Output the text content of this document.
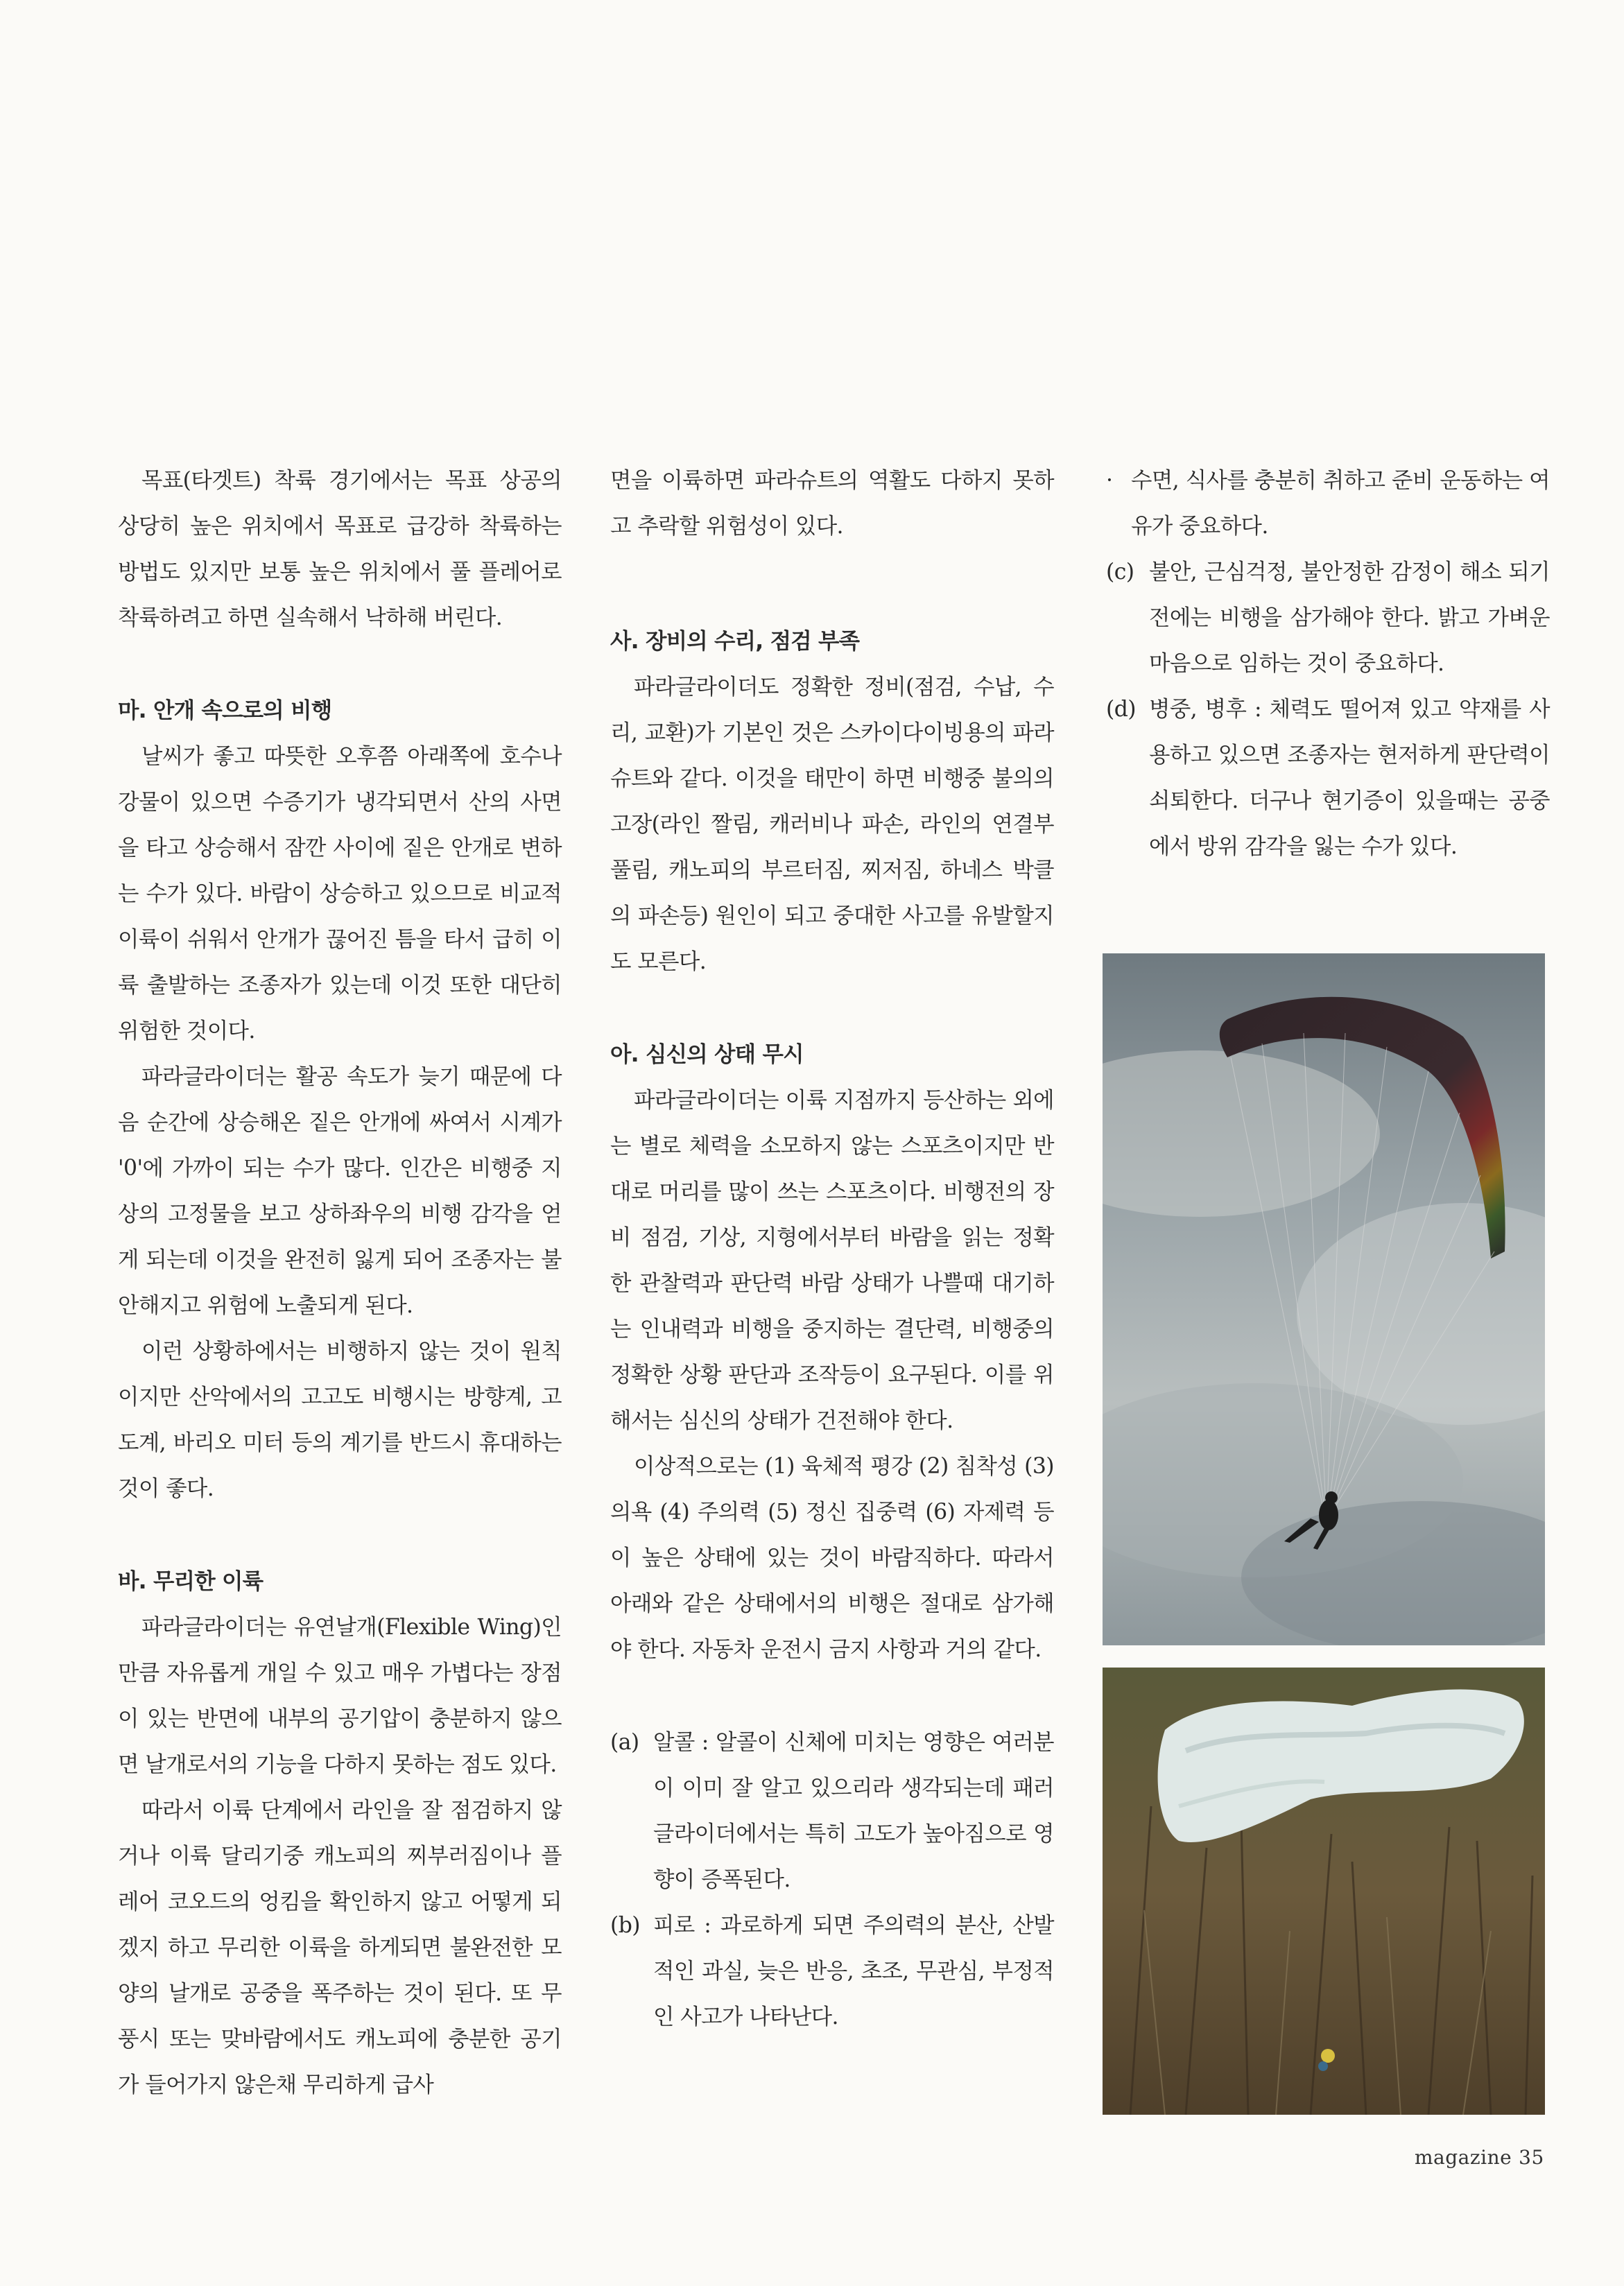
목표(타겟트) 착륙 경기에서는 목표 상공의 상당히 높은 위치에서 목표로 급강하 착륙하는 방법도 있지만 보통 높은 위치에서 풀 플레어로 착륙하려고 하면 실속해서 낙하해 버린다.

마. 안개 속으로의 비행

날씨가 좋고 따뜻한 오후쯤 아래쪽에 호수나 강물이 있으면 수증기가 냉각되면서 산의 사면을 타고 상승해서 잠깐 사이에 짙은 안개로 변하는 수가 있다. 바람이 상승하고 있으므로 비교적 이륙이 쉬워서 안개가 끊어진 틈을 타서 급히 이륙 출발하는 조종자가 있는데 이것 또한 대단히 위험한 것이다.

파라글라이더는 활공 속도가 늦기 때문에 다음 순간에 상승해온 짙은 안개에 싸여서 시계가 '0'에 가까이 되는 수가 많다. 인간은 비행중 지상의 고정물을 보고 상하좌우의 비행 감각을 얻게 되는데 이것을 완전히 잃게 되어 조종자는 불안해지고 위험에 노출되게 된다.

이런 상황하에서는 비행하지 않는 것이 원칙이지만 산악에서의 고고도 비행시는 방향계, 고도계, 바리오 미터 등의 계기를 반드시 휴대하는 것이 좋다.

바. 무리한 이륙

파라글라이더는 유연날개(Flexible Wing)인 만큼 자유롭게 개일 수 있고 매우 가볍다는 장점이 있는 반면에 내부의 공기압이 충분하지 않으면 날개로서의 기능을 다하지 못하는 점도 있다.

따라서 이륙 단계에서 라인을 잘 점검하지 않거나 이륙 달리기중 캐노피의 찌부러짐이나 플레어 코오드의 엉킴을 확인하지 않고 어떻게 되겠지 하고 무리한 이륙을 하게되면 불완전한 모양의 날개로 공중을 폭주하는 것이 된다. 또 무풍시 또는 맞바람에서도 캐노피에 충분한 공기가 들어가지 않은채 무리하게 급사

면을 이륙하면 파라슈트의 역활도 다하지 못하고 추락할 위험성이 있다.

사. 장비의 수리, 점검 부족

파라글라이더도 정확한 정비(점검, 수납, 수리, 교환)가 기본인 것은 스카이다이빙용의 파라슈트와 같다. 이것을 태만이 하면 비행중 불의의 고장(라인 짤림, 캐러비나 파손, 라인의 연결부 풀림, 캐노피의 부르터짐, 찌저짐, 하네스 박클의 파손등) 원인이 되고 중대한 사고를 유발할지도 모른다.

아. 심신의 상태 무시

파라글라이더는 이륙 지점까지 등산하는 외에는 별로 체력을 소모하지 않는 스포츠이지만 반대로 머리를 많이 쓰는 스포츠이다. 비행전의 장비 점검, 기상, 지형에서부터 바람을 읽는 정확한 관찰력과 판단력 바람 상태가 나쁠때 대기하는 인내력과 비행을 중지하는 결단력, 비행중의 정확한 상황 판단과 조작등이 요구된다. 이를 위해서는 심신의 상태가 건전해야 한다.

이상적으로는 (1) 육체적 평강 (2) 침착성 (3) 의욕 (4) 주의력 (5) 정신 집중력 (6) 자제력 등이 높은 상태에 있는 것이 바람직하다. 따라서 아래와 같은 상태에서의 비행은 절대로 삼가해야 한다. 자동차 운전시 금지 사항과 거의 같다.

(a) 알콜 : 알콜이 신체에 미치는 영향은 여러분이 이미 잘 알고 있으리라 생각되는데 패러글라이더에서는 특히 고도가 높아짐으로 영향이 증폭된다.
(b) 피로 : 과로하게 되면 주의력의 분산, 산발적인 과실, 늦은 반응, 초조, 무관심, 부정적인 사고가 나타난다.
· 수면, 식사를 충분히 취하고 준비 운동하는 여유가 중요하다.
(c) 불안, 근심걱정, 불안정한 감정이 해소 되기전에는 비행을 삼가해야 한다. 밝고 가벼운 마음으로 임하는 것이 중요하다.
(d) 병중, 병후 : 체력도 떨어져 있고 약재를 사용하고 있으면 조종자는 현저하게 판단력이 쇠퇴한다. 더구나 현기증이 있을때는 공중에서 방위 감각을 잃는 수가 있다.
magazine 35
